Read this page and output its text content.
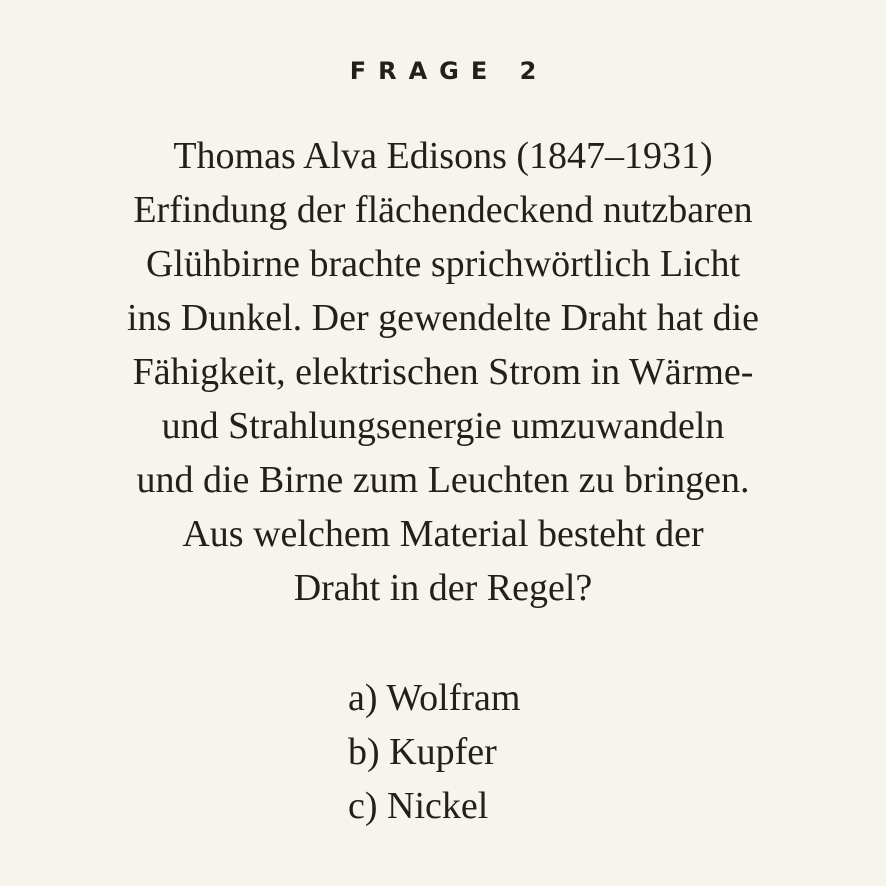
FRAGE 2
Thomas Alva Edisons (1847–1931)
Erfindung der flächendeckend nutzbaren
Glühbirne brachte sprichwörtlich Licht
ins Dunkel. Der gewendelte Draht hat die
Fähigkeit, elektrischen Strom in Wärme-
und Strahlungsenergie umzuwandeln
und die Birne zum Leuchten zu bringen.
Aus welchem Material besteht der
Draht in der Regel?
a) Wolfram
b) Kupfer
c) Nickel
